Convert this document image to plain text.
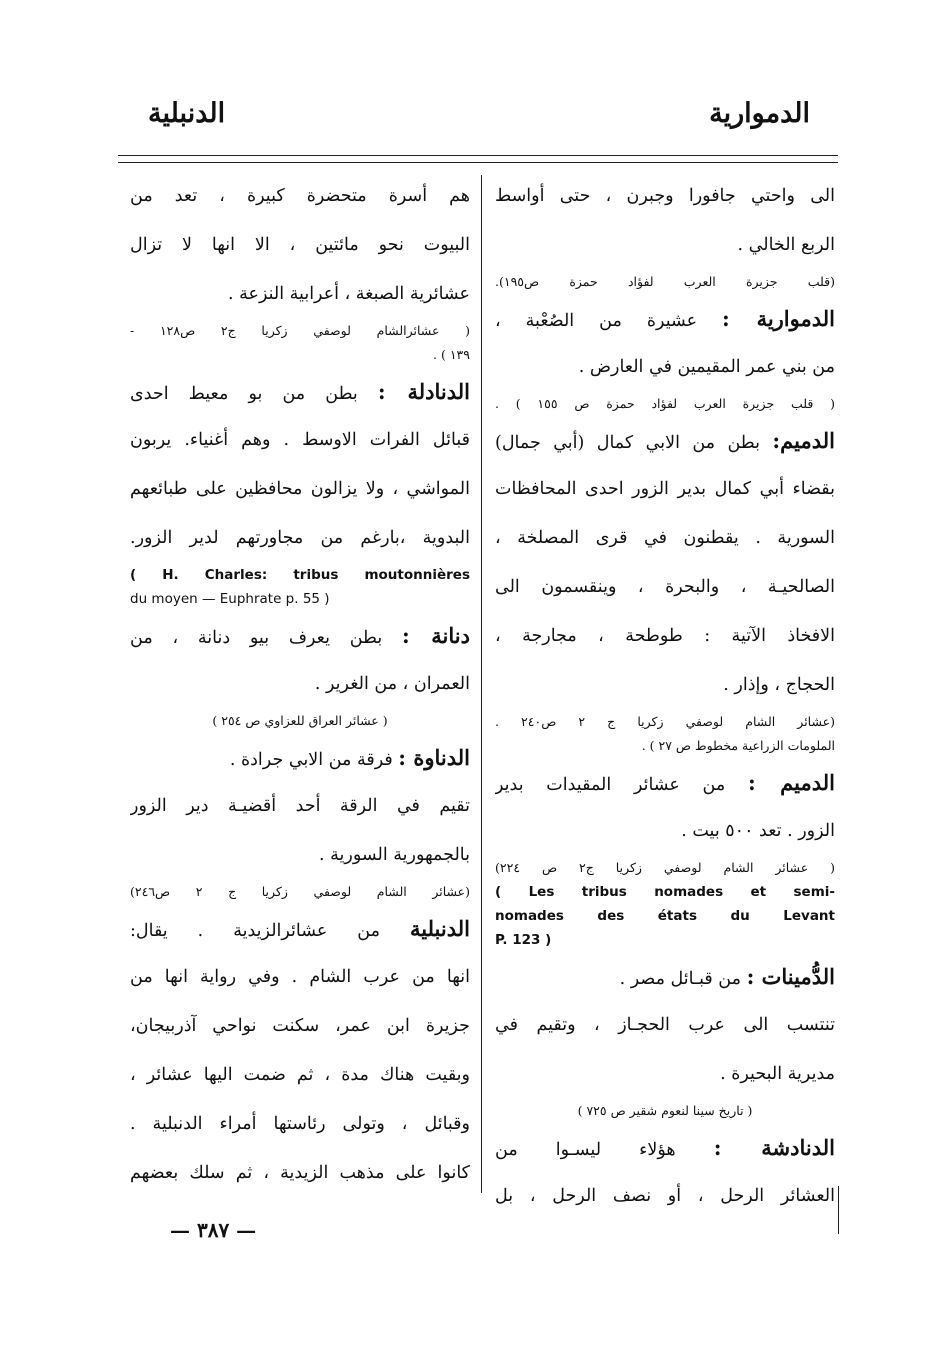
الدموارية
الدنبلية
الى واحتي جافورا وجبرن ، حتى أواسط
الربع الخالي .
(قلب جزيرة العرب لفؤاد حمزة ص١٩٥).
الدموارية : عشيرة من الصُعْبة ،
من بني عمر المقيمين في العارض .
( قلب جزيرة العرب لفؤاد حمزة ص ١٥٥ ) .
الدميم: بطن من الابي كمال (أبي جمال)
بقضاء أبي كمال بدير الزور احدى المحافظات
السورية . يقطنون في قرى المصلخة ،
الصالحيـة ، والبحرة ، وينقسمون الى
الافخاذ الآتية : طوطحة ، مجارجة ،
الحجاج ، وإذار .
(عشائر الشام لوصفي زكريا ج ٢ ص٢٤٠ .
الملومات الزراعية مخطوط ص ٢٧ ) .
الدميم : من عشائر المقيدات بدير
الزور . تعد ٥٠٠ بيت .
( عشائر الشام لوصفي زكريا ج٢ ص ٢٢٤)
( Les tribus nomades et semi-
nomades des états du Levant
P. 123 )
الدُّمينات : من قبـائل مصر .
تنتسب الى عرب الحجـاز ، وتقيم في
مديرية البحيرة .
( تاريخ سينا لنعوم شقير ص ٧٢٥ )
الدنادشة : هؤلاء ليسـوا من
العشائر الرحل ، أو نصف الرحل ، بل
هم أسرة متحضرة كبيرة ، تعد من
البيوت نحو مائتين ، الا انها لا تزال
عشائرية الصبغة ، أعرابية النزعة .
( عشائرالشام لوصفي زكريا ج٢ ص١٢٨ -
١٣٩ ) .
الدنادلة : بطن من بو معيط احدى
قبائل الفرات الاوسط . وهم أغنياء. يربون
المواشي ، ولا يزالون محافظين على طبائعهم
البدوية ،بارغم من مجاورتهم لدير الزور.
( H. Charles: tribus moutonnières
du moyen — Euphrate p. 55 )
دنانة : بطن يعرف بيو دنانة ، من
العمران ، من الغرير .
( عشائر العراق للعزاوي ص ٢٥٤ )
الدناوة : فرقة من الابي جرادة .
تقيم في الرقة أحد أقضيـة دير الزور
بالجمهورية السورية .
(عشائر الشام لوصفي زكريا ج ٢ ص٢٤٦)
الدنبلية من عشائرالزيدية . يقال:
انها من عرب الشام . وفي رواية انها من
جزيرة ابن عمر، سكنت نواحي آذربيجان،
وبقيت هناك مدة ، ثم ضمت اليها عشائر ،
وقبائل ، وتولى رئاستها أمراء الدنبلية .
كانوا على مذهب الزيدية ، ثم سلك بعضهم
— ٣٨٧ —
